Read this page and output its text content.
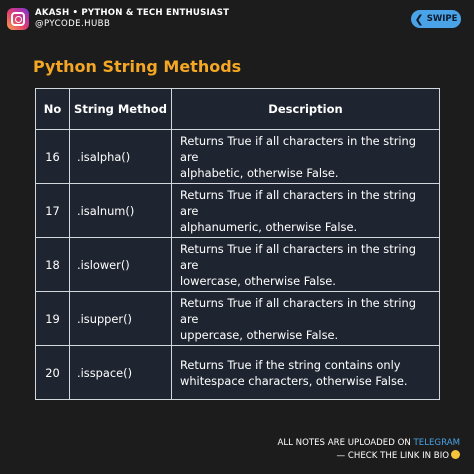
AKASH • PYTHON & TECH ENTHUSIAST
@PYCODE.HUBB	❮ SWIPE
Python String Methods
No	String Method	Description
16	.isalpha()	Returns True if all characters in the string are
alphabetic, otherwise False.
17	.isalnum()	Returns True if all characters in the string are
alphanumeric, otherwise False.
18	.islower()	Returns True if all characters in the string are
lowercase, otherwise False.
19	.isupper()	Returns True if all characters in the string are
uppercase, otherwise False.
20	.isspace()	Returns True if the string contains only
whitespace characters, otherwise False.
ALL NOTES ARE UPLOADED ON TELEGRAM
— CHECK THE LINK IN BIO
